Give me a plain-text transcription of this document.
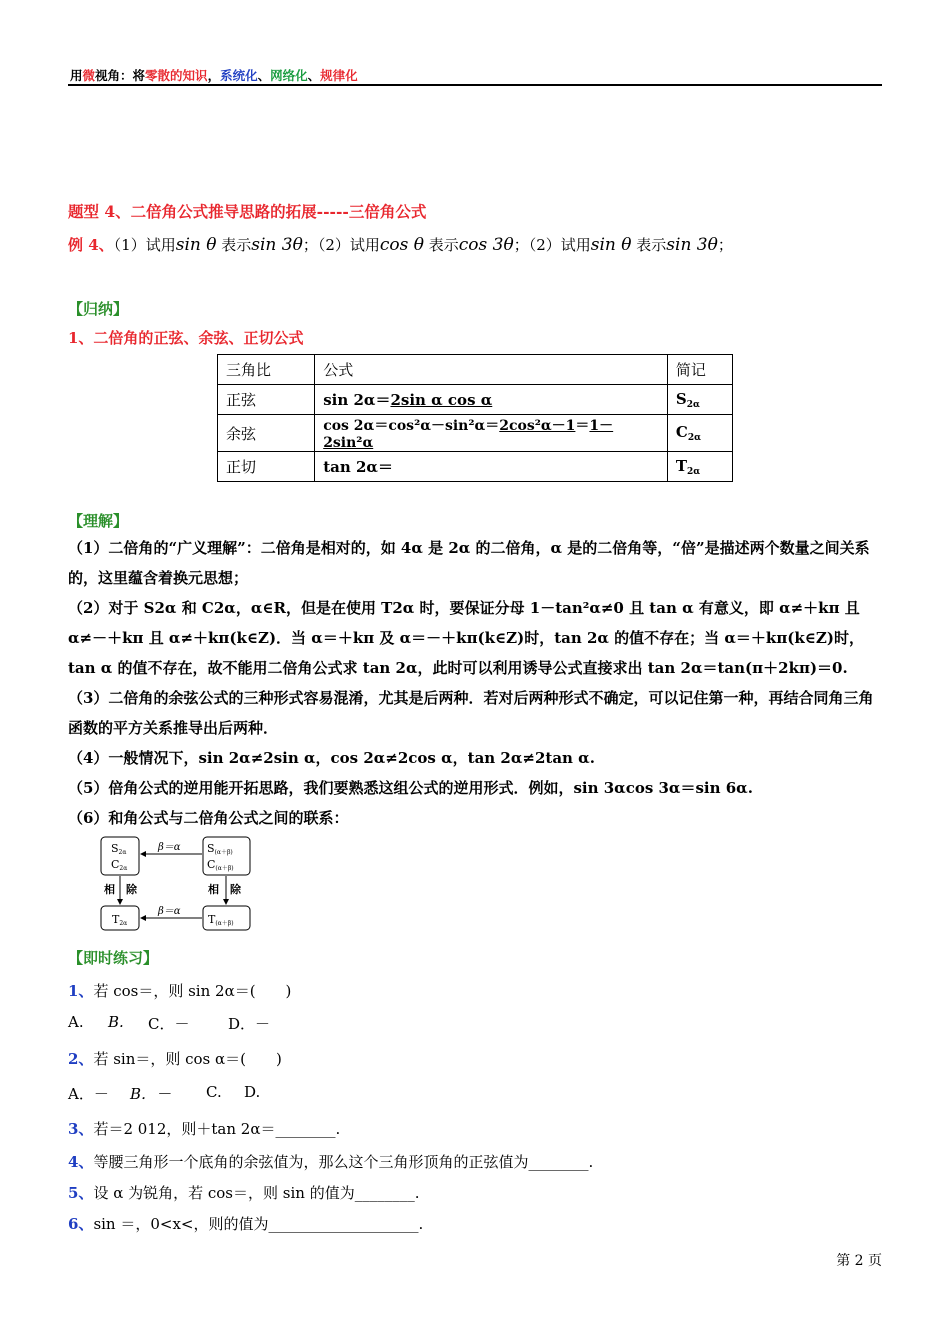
用微视角：将零散的知识，系统化、网络化、规律化
题型 4、二倍角公式推导思路的拓展-----三倍角公式
例 4、（1）试用sin θ 表示sin 3θ；（2）试用cos θ 表示cos 3θ；（2）试用sin θ 表示sin 3θ；
【归纳】
1、二倍角的正弦、余弦、正切公式
三角比	公式	简记
正弦	sin 2α＝2sin α cos α	$S_{2\alpha}$
余弦	cos 2α＝cos²α－sin²α＝2cos²α－1＝1－2sin²α	$C_{2\alpha}$
正切	tan 2α＝	$T_{2\alpha}$
【理解】
（1）二倍角的“广义理解”：二倍角是相对的，如 4α 是 2α 的二倍角，α 是的二倍角等，“倍”是描述两个数量之间关系的，这里蕴含着换元思想；
（2）对于 S2α 和 C2α，α∈R，但是在使用 T2α 时，要保证分母 1－tan²α≠0 且 tan α 有意义，即 α≠＋kπ 且 α≠－＋kπ 且 α≠＋kπ(k∈Z)．当 α＝＋kπ 及 α＝－＋kπ(k∈Z)时，tan 2α 的值不存在；当 α＝＋kπ(k∈Z)时，tan α 的值不存在，故不能用二倍角公式求 tan 2α，此时可以利用诱导公式直接求出 tan 2α＝tan(π＋2kπ)＝0.
（3）二倍角的余弦公式的三种形式容易混淆，尤其是后两种．若对后两种形式不确定，可以记住第一种，再结合同角三角函数的平方关系推导出后两种．
（4）一般情况下，sin 2α≠2sin α，cos 2α≠2cos α，tan 2α≠2tan α.
（5）倍角公式的逆用能开拓思路，我们要熟悉这组公式的逆用形式．例如，sin 3αcos 3α＝sin 6α.
（6）和角公式与二倍角公式之间的联系：
S2α
C2α
S(α＋β)
C(α＋β)
T2α	T(α＋β)
β＝α
β＝α
相　除	相　除
【即时练习】
1、若 cos＝，则 sin 2α＝(　　)
A. B. C．－	D．－
2、若 sin＝，则 cos α＝(　　)
A．－ B．－ C. D.
3、若＝2 012，则＋tan 2α＝________.
4、等腰三角形一个底角的余弦值为，那么这个三角形顶角的正弦值为________.
5、设 α 为锐角，若 cos＝，则 sin 的值为________.
6、sin ＝，0<x<，则的值为____________________.
第 2 页
